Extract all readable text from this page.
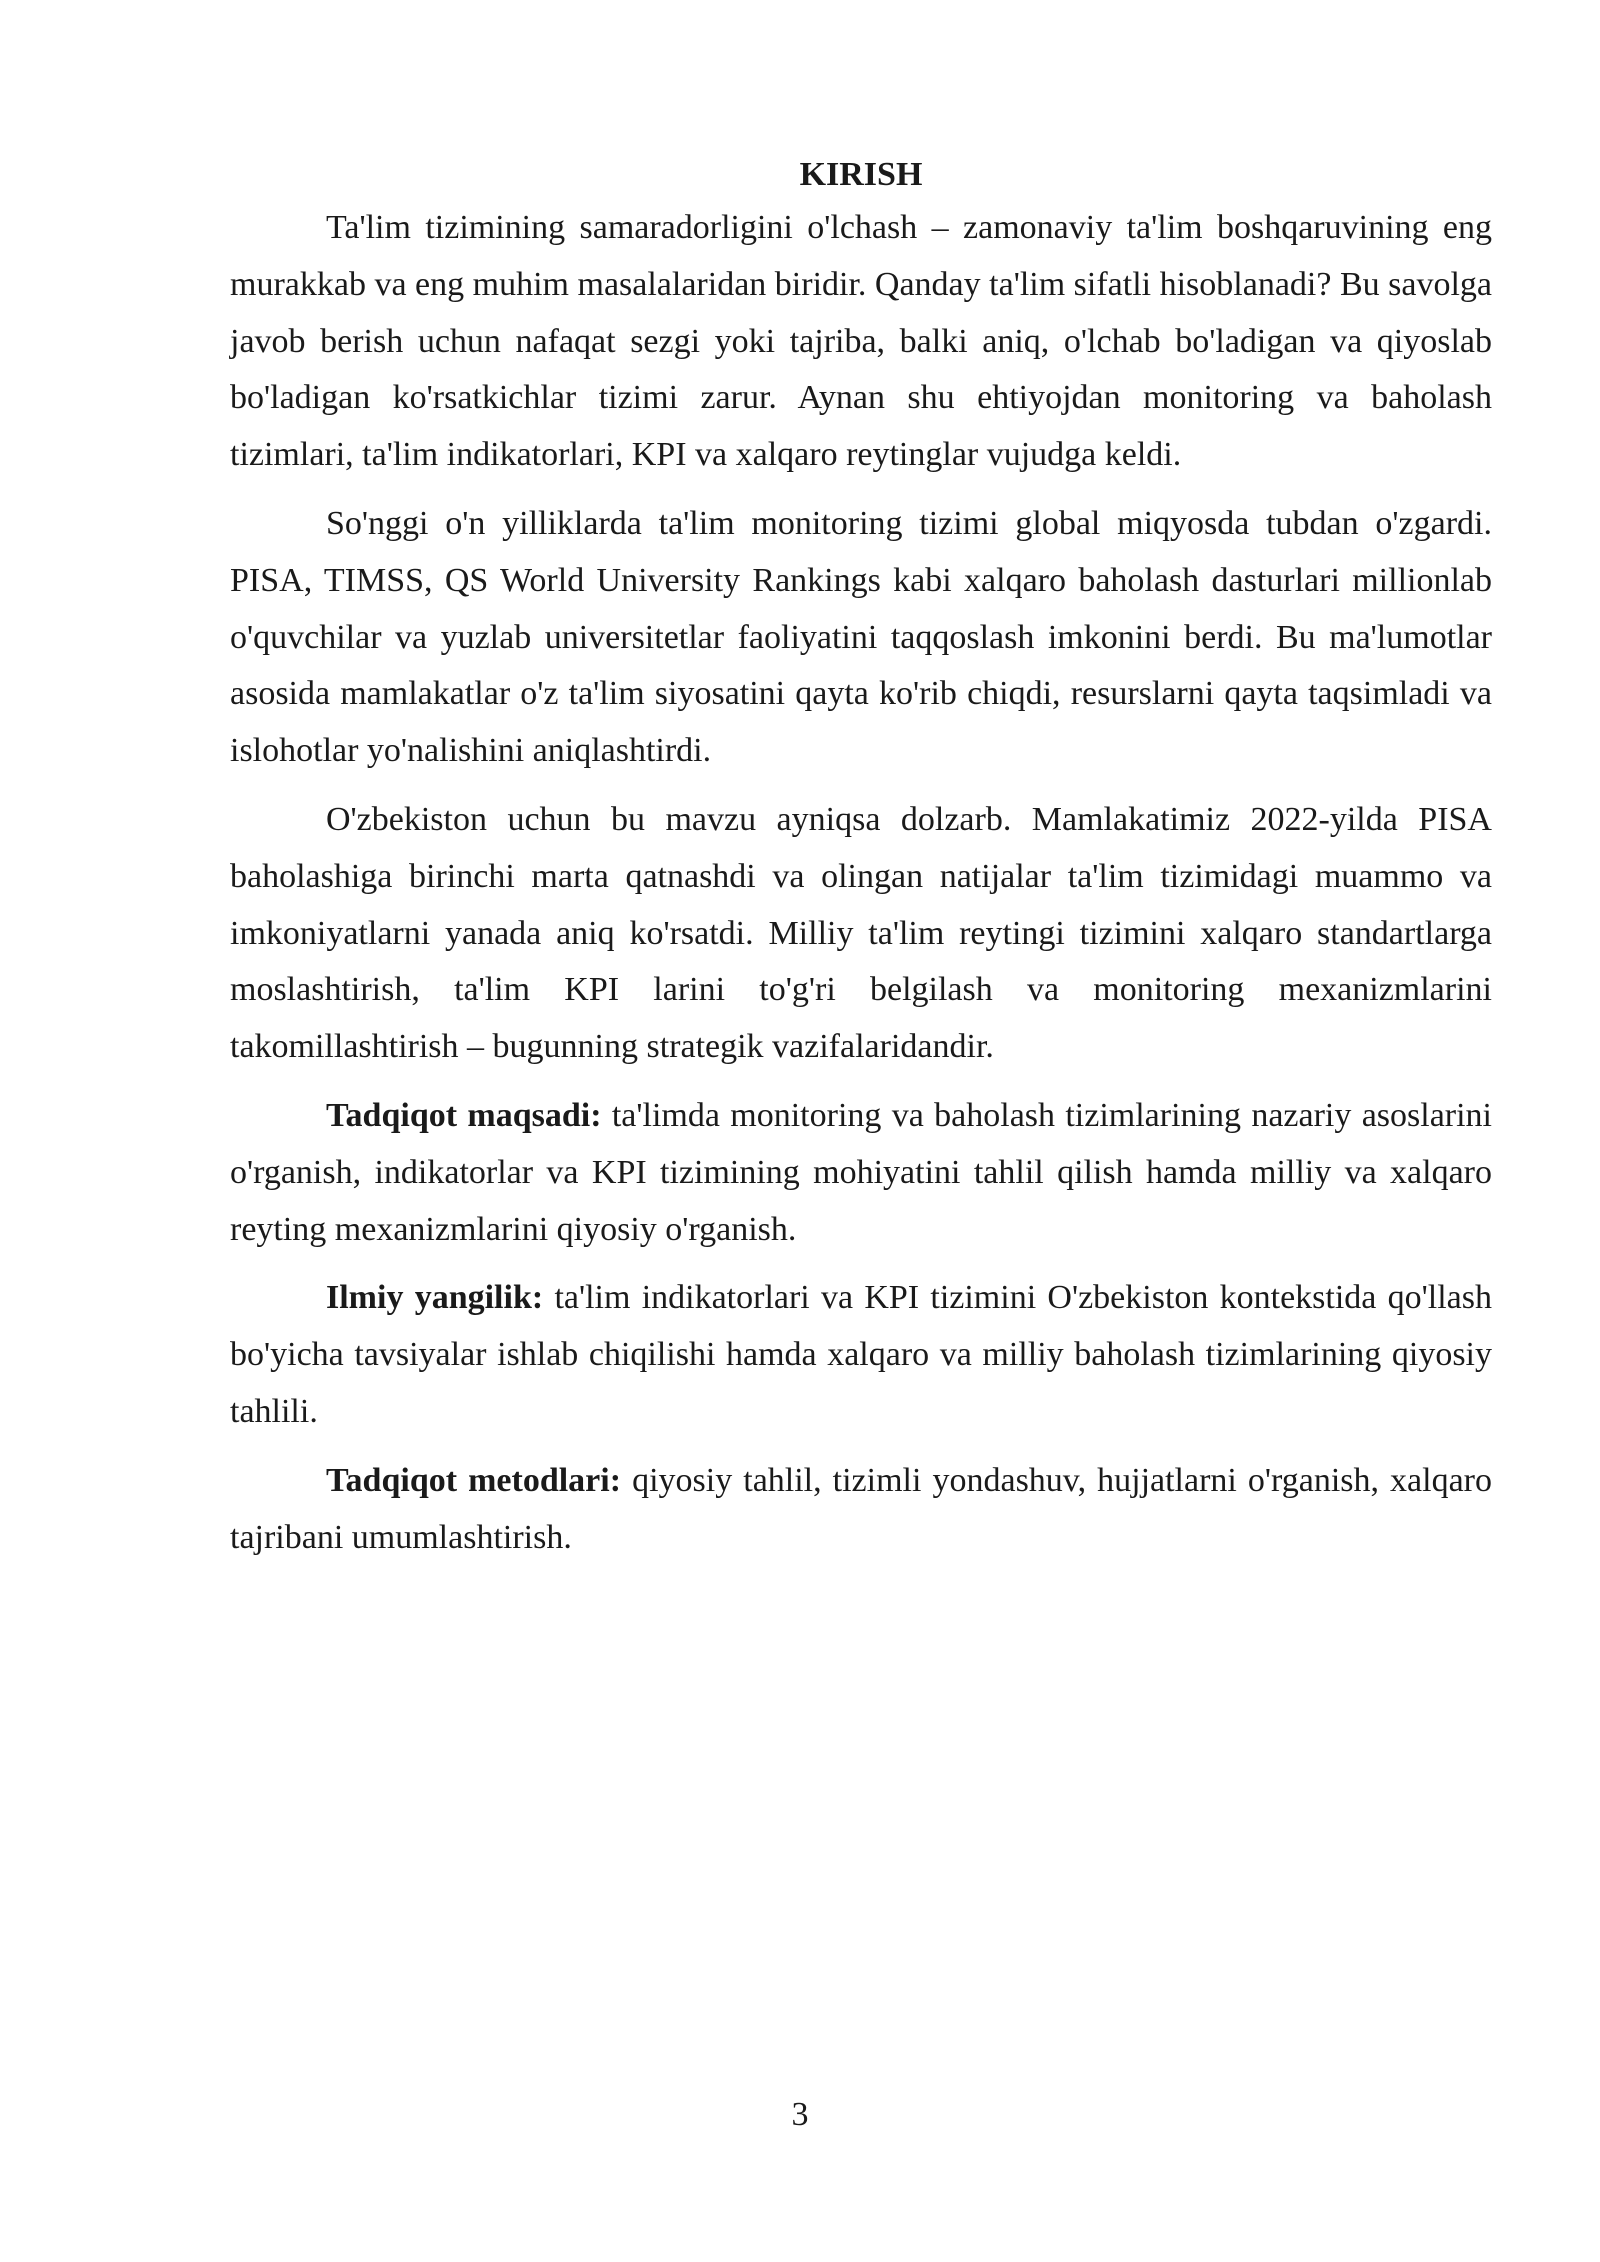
KIRISH

Ta'lim tizimining samaradorligini o'lchash – zamonaviy ta'lim boshqaruvining eng murakkab va eng muhim masalalaridan biridir. Qanday ta'lim sifatli hisoblanadi? Bu savolga javob berish uchun nafaqat sezgi yoki tajriba, balki aniq, o'lchab bo'ladigan va qiyoslab bo'ladigan ko'rsatkichlar tizimi zarur. Aynan shu ehtiyojdan monitoring va baholash tizimlari, ta'lim indikatorlari, KPI va xalqaro reytinglar vujudga keldi.

So'nggi o'n yilliklarda ta'lim monitoring tizimi global miqyosda tubdan o'zgardi. PISA, TIMSS, QS World University Rankings kabi xalqaro baholash dasturlari millionlab o'quvchilar va yuzlab universitetlar faoliyatini taqqoslash imkonini berdi. Bu ma'lumotlar asosida mamlakatlar o'z ta'lim siyosatini qayta ko'rib chiqdi, resurslarni qayta taqsimladi va islohotlar yo'nalishini aniqlashtirdi.

O'zbekiston uchun bu mavzu ayniqsa dolzarb. Mamlakatimiz 2022-yilda PISA baholashiga birinchi marta qatnashdi va olingan natijalar ta'lim tizimidagi muammo va imkoniyatlarni yanada aniq ko'rsatdi. Milliy ta'lim reytingi tizimini xalqaro standartlarga moslashtirish, ta'lim KPI larini to'g'ri belgilash va monitoring mexanizmlarini takomillashtirish – bugunning strategik vazifalaridandir.

Tadqiqot maqsadi: ta'limda monitoring va baholash tizimlarining nazariy asoslarini o'rganish, indikatorlar va KPI tizimining mohiyatini tahlil qilish hamda milliy va xalqaro reyting mexanizmlarini qiyosiy o'rganish.

Ilmiy yangilik: ta'lim indikatorlari va KPI tizimini O'zbekiston kontekstida qo'llash bo'yicha tavsiyalar ishlab chiqilishi hamda xalqaro va milliy baholash tizimlarining qiyosiy tahlili.

Tadqiqot metodlari: qiyosiy tahlil, tizimli yondashuv, hujjatlarni o'rganish, xalqaro tajribani umumlashtirish.

3
